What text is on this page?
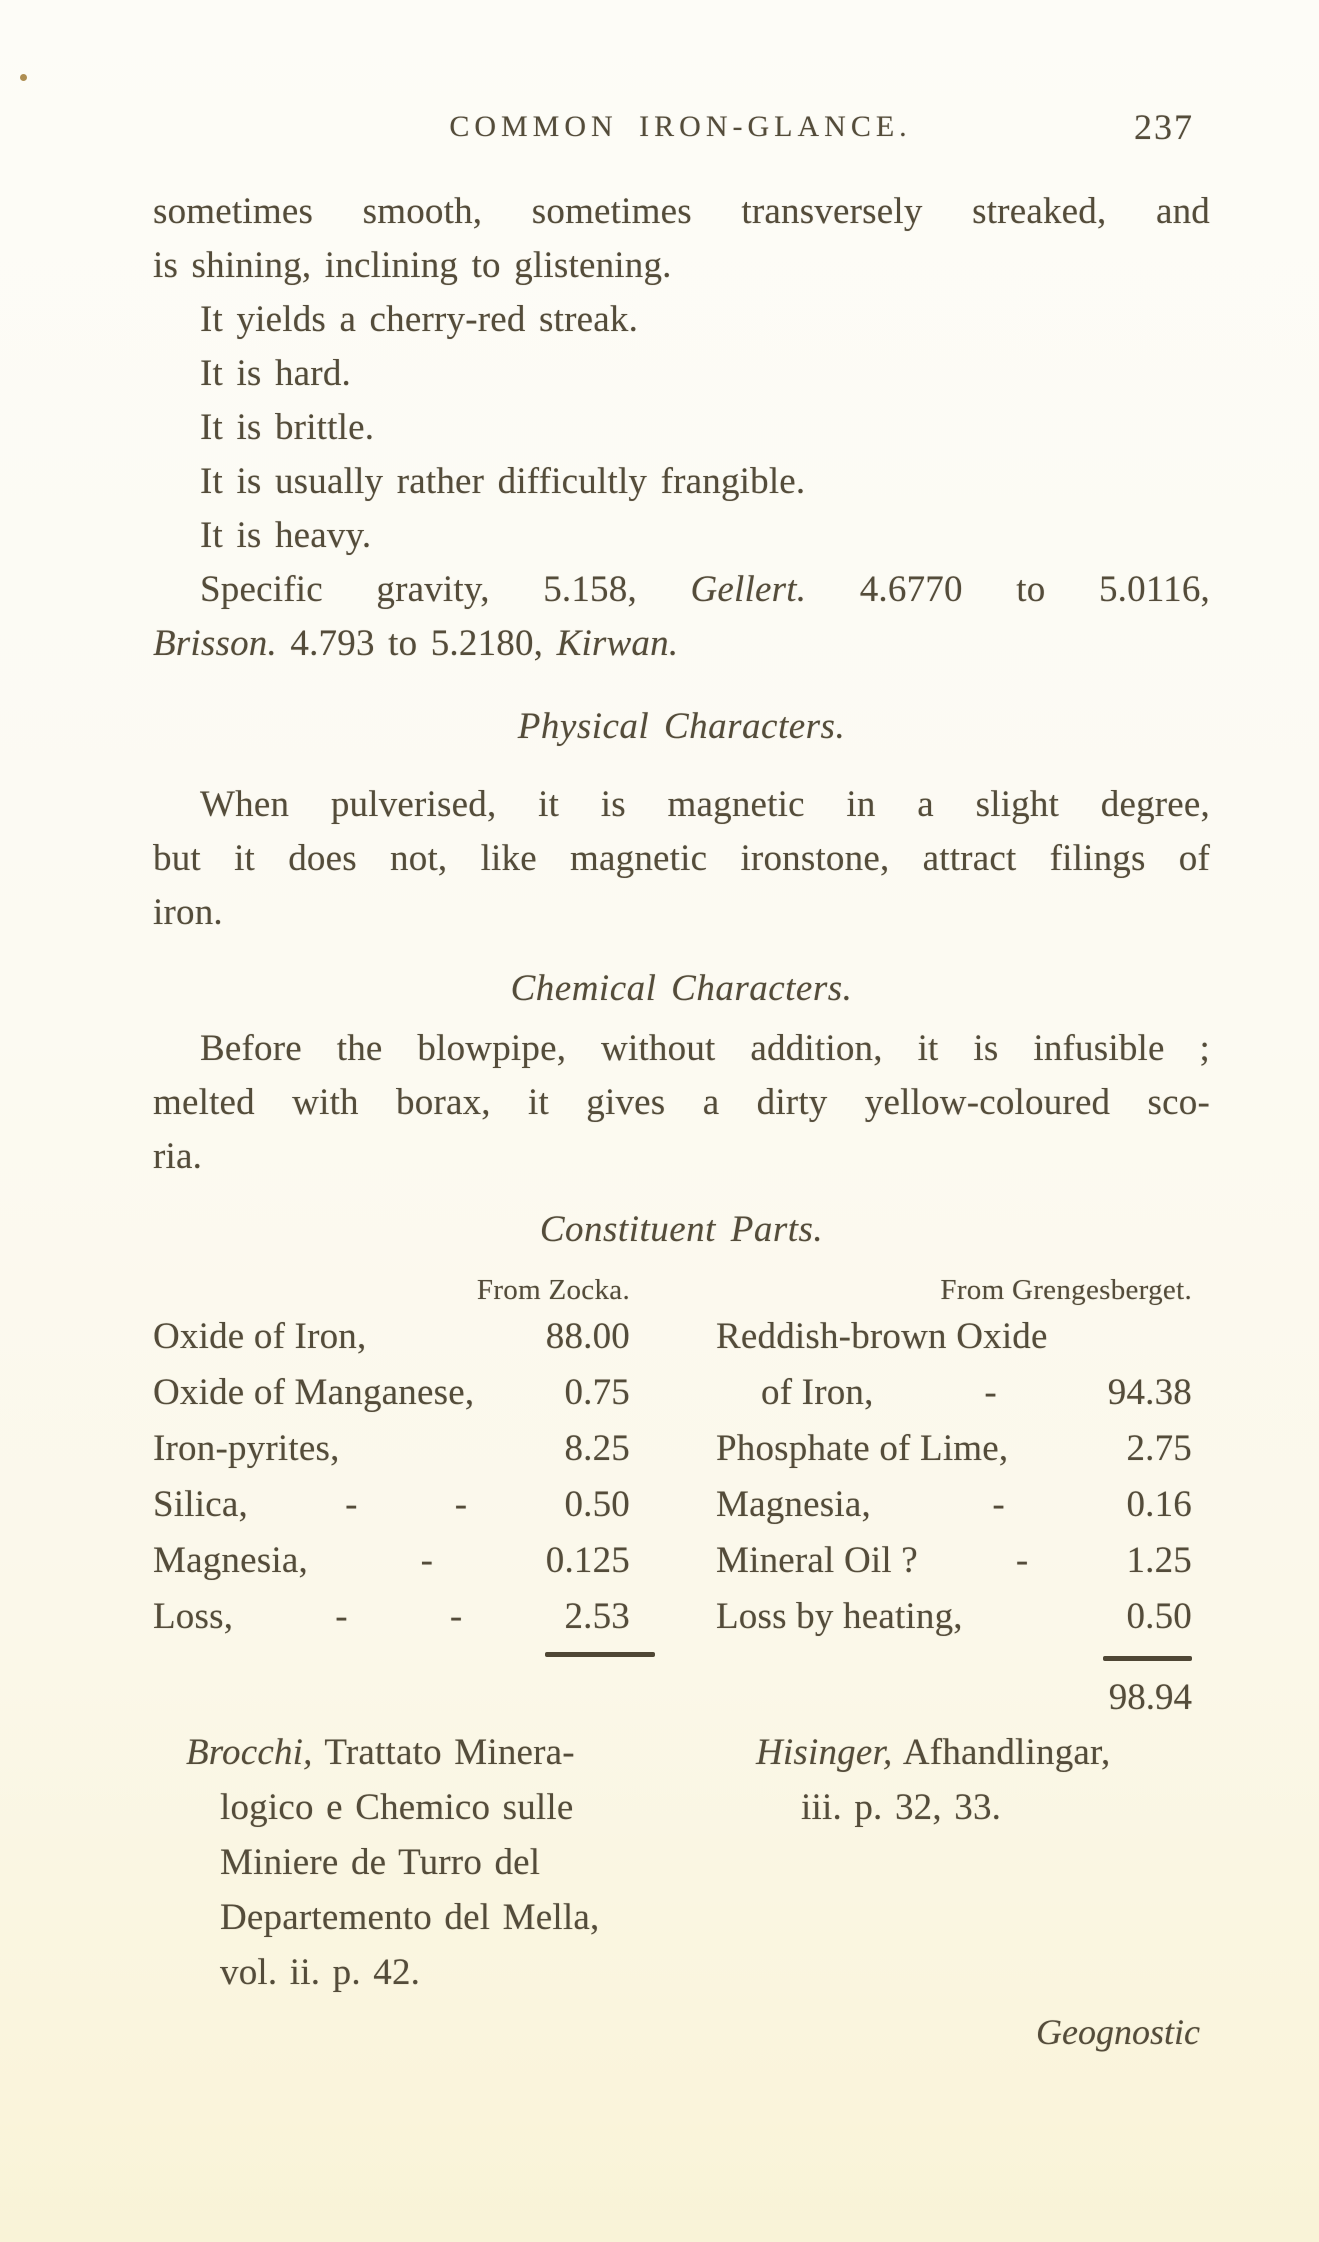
COMMON IRON-GLANCE.	237
sometimes smooth, sometimes transversely streaked, and
is shining, inclining to glistening.
It yields a cherry-red streak.
It is hard.
It is brittle.
It is usually rather difficultly frangible.
It is heavy.
Specific gravity, 5.158, Gellert. 4.6770 to 5.0116,
Brisson. 4.793 to 5.2180, Kirwan.
Physical Characters.
When pulverised, it is magnetic in a slight degree,
but it does not, like magnetic ironstone, attract filings of
iron.
Chemical Characters.
Before the blowpipe, without addition, it is infusible ;
melted with borax, it gives a dirty yellow-coloured sco-
ria.
Constituent Parts.
From Zocka.	From Grengesberget.
Oxide of Iron,	88.00
Oxide of Manganese, 0.75
Iron-pyrites,	8.25
Silica,	-	-	0.50
Magnesia,	-	0.125
Loss,	-	-	2.53
Reddish-brown Oxide
of Iron,	-	94.38
Phosphate of Lime,	2.75
Magnesia,	-	0.16
Mineral Oil ?	-	1.25
Loss by heating,	0.50
98.94
Brocchi, Trattato Minera-
logico e Chemico sulle
Miniere de Turro del
Departemento del Mella,
vol. ii. p. 42.
Hisinger, Afhandlingar,
iii. p. 32, 33.
Geognostic
